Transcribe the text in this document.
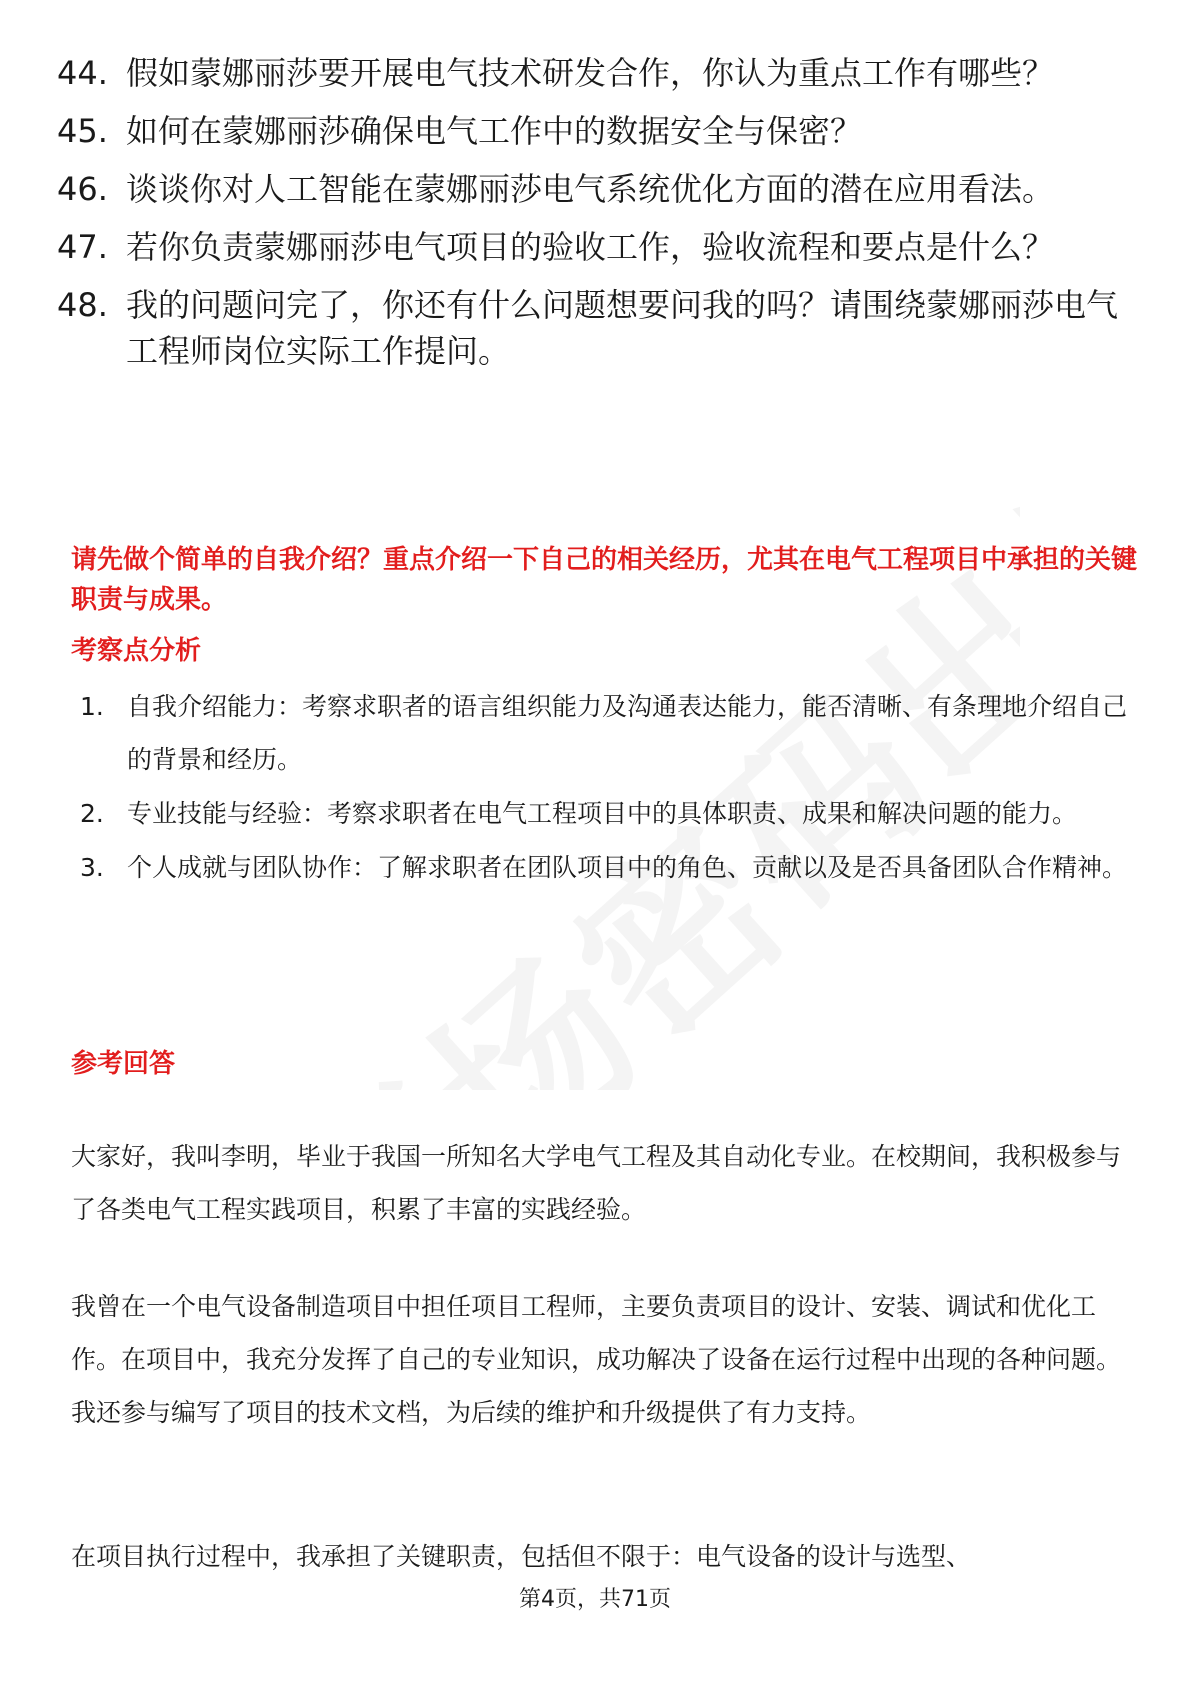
44. 假如蒙娜丽莎要开展电气技术研发合作，你认为重点工作有哪些？
45. 如何在蒙娜丽莎确保电气工作中的数据安全与保密？
46. 谈谈你对人工智能在蒙娜丽莎电气系统优化方面的潜在应用看法。
47. 若你负责蒙娜丽莎电气项目的验收工作，验收流程和要点是什么？
48. 我的问题问完了，你还有什么问题想要问我的吗？请围绕蒙娜丽莎电气工程师岗位实际工作提问。
请先做个简单的自我介绍？重点介绍一下自己的相关经历，尤其在电气工程项目中承担的关键职责与成果。
考察点分析
1. 自我介绍能力：考察求职者的语言组织能力及沟通表达能力，能否清晰、有条理地介绍自己的背景和经历。
2. 专业技能与经验：考察求职者在电气工程项目中的具体职责、成果和解决问题的能力。
3. 个人成就与团队协作：了解求职者在团队项目中的角色、贡献以及是否具备团队合作精神。
参考回答
大家好，我叫李明，毕业于我国一所知名大学电气工程及其自动化专业。在校期间，我积极参与了各类电气工程实践项目，积累了丰富的实践经验。
我曾在一个电气设备制造项目中担任项目工程师，主要负责项目的设计、安装、调试和优化工作。在项目中，我充分发挥了自己的专业知识，成功解决了设备在运行过程中出现的各种问题。我还参与编写了项目的技术文档，为后续的维护和升级提供了有力支持。
在项目执行过程中，我承担了关键职责，包括但不限于：电气设备的设计与选型、
第4页，共71页
